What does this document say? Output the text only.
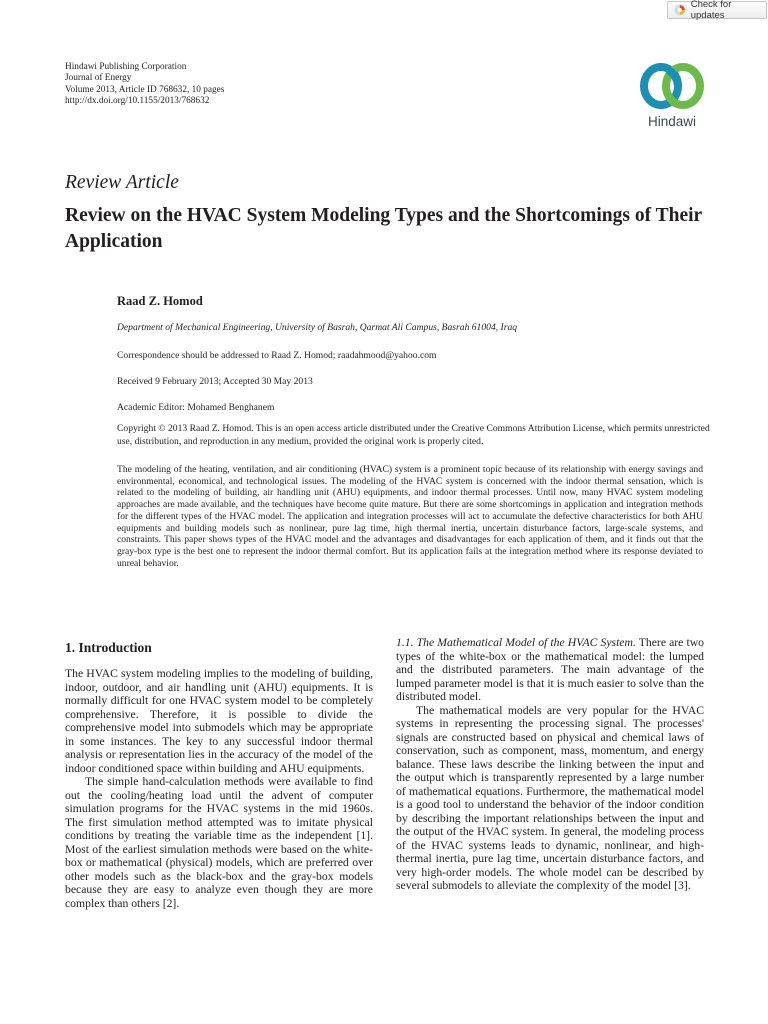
Check for updates
Hindawi Publishing Corporation
Journal of Energy
Volume 2013, Article ID 768632, 10 pages
http://dx.doi.org/10.1155/2013/768632
Hindawi
Review Article
Review on the HVAC System Modeling Types and the Shortcomings of Their Application
Raad Z. Homod
Department of Mechanical Engineering, University of Basrah, Qarmat Ali Campus, Basrah 61004, Iraq
Correspondence should be addressed to Raad Z. Homod; raadahmood@yahoo.com
Received 9 February 2013; Accepted 30 May 2013
Academic Editor: Mohamed Benghanem
Copyright © 2013 Raad Z. Homod. This is an open access article distributed under the Creative Commons Attribution License, which permits unrestricted use, distribution, and reproduction in any medium, provided the original work is properly cited.

The modeling of the heating, ventilation, and air conditioning (HVAC) system is a prominent topic because of its relationship with energy savings and environmental, economical, and technological issues. The modeling of the HVAC system is concerned with the indoor thermal sensation, which is related to the modeling of building, air handling unit (AHU) equipments, and indoor thermal processes. Until now, many HVAC system modeling approaches are made available, and the techniques have become quite mature. But there are some shortcomings in application and integration methods for the different types of the HVAC model. The application and integration processes will act to accumulate the defective characteristics for both AHU equipments and building models such as nonlinear, pure lag time, high thermal inertia, uncertain disturbance factors, large-scale systems, and constraints. This paper shows types of the HVAC model and the advantages and disadvantages for each application of them, and it finds out that the gray-box type is the best one to represent the indoor thermal comfort. But its application fails at the integration method where its response deviated to unreal behavior.

1. Introduction

The HVAC system modeling implies to the modeling of building, indoor, outdoor, and air handling unit (AHU) equipments. It is normally difficult for one HVAC system model to be completely comprehensive. Therefore, it is possible to divide the comprehensive model into submodels which may be appropriate in some instances. The key to any successful indoor thermal analysis or representation lies in the accuracy of the model of the indoor conditioned space within building and AHU equipments.

The simple hand-calculation methods were available to find out the cooling/heating load until the advent of computer simulation programs for the HVAC systems in the mid 1960s. The first simulation method attempted was to imitate physical conditions by treating the variable time as the independent [1]. Most of the earliest simulation methods were based on the white-box or mathematical (physical) models, which are preferred over other models such as the black-box and the gray-box models because they are easy to analyze even though they are more complex than others [2].

1.1. The Mathematical Model of the HVAC System. There are two types of the white-box or the mathematical model: the lumped and the distributed parameters. The main advantage of the lumped parameter model is that it is much easier to solve than the distributed model.

The mathematical models are very popular for the HVAC systems in representing the processing signal. The processes' signals are constructed based on physical and chemical laws of conservation, such as component, mass, momentum, and energy balance. These laws describe the linking between the input and the output which is transparently represented by a large number of mathematical equations. Furthermore, the mathematical model is a good tool to understand the behavior of the indoor condition by describing the important relationships between the input and the output of the HVAC system. In general, the modeling process of the HVAC systems leads to dynamic, nonlinear, and high-thermal inertia, pure lag time, uncertain disturbance factors, and very high-order models. The whole model can be described by several submodels to alleviate the complexity of the model [3].
